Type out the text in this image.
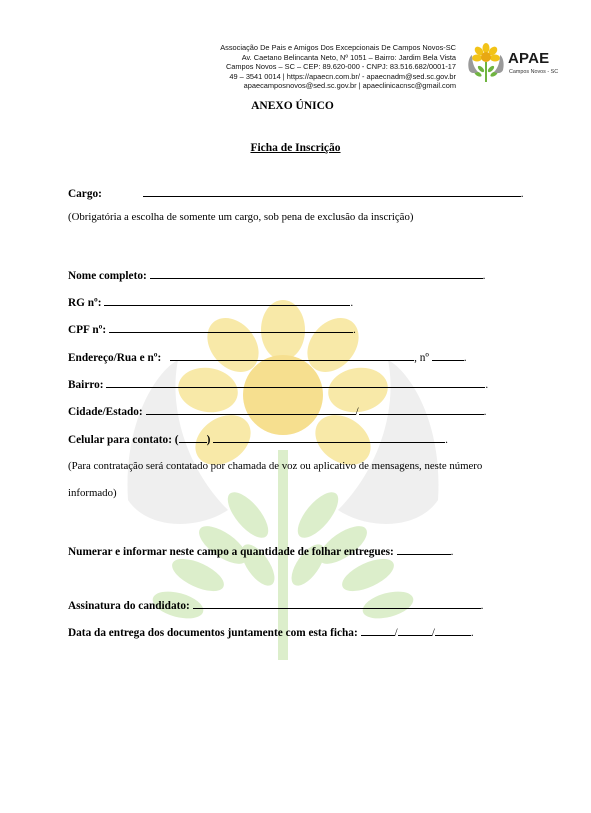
Associação De Pais e Amigos Dos Excepcionais De Campos Novos-SC
Av. Caetano Belincanta Neto, Nº 1051 – Bairro: Jardim Bela Vista
Campos Novos – SC – CEP: 89.620-000 - CNPJ: 83.516.682/0001-17
49 – 3541 0014 | https://apaecn.com.br/ - apaecnadm@sed.sc.gov.br
apaecamposnovos@sed.sc.gov.br | apaeclinicacnsc@gmail.com
APAE
Campos Novos - SC
ANEXO ÚNICO
Ficha de Inscrição
Cargo:	.
(Obrigatória a escolha de somente um cargo, sob pena de exclusão da inscrição)
Nome completo:	.
RG nº:	.
CPF nº:	.
Endereço/Rua e nº:	, nº	.
Bairro:	.
Cidade/Estado:	/	.
Celular para contato: ( )	.
(Para contratação será contatado por chamada de voz ou aplicativo de mensagens, neste número
informado)
Numerar e informar neste campo a quantidade de folhar entregues:	.
Assinatura do candidato:	.
Data da entrega dos documentos juntamente com esta ficha:	/	/	.
